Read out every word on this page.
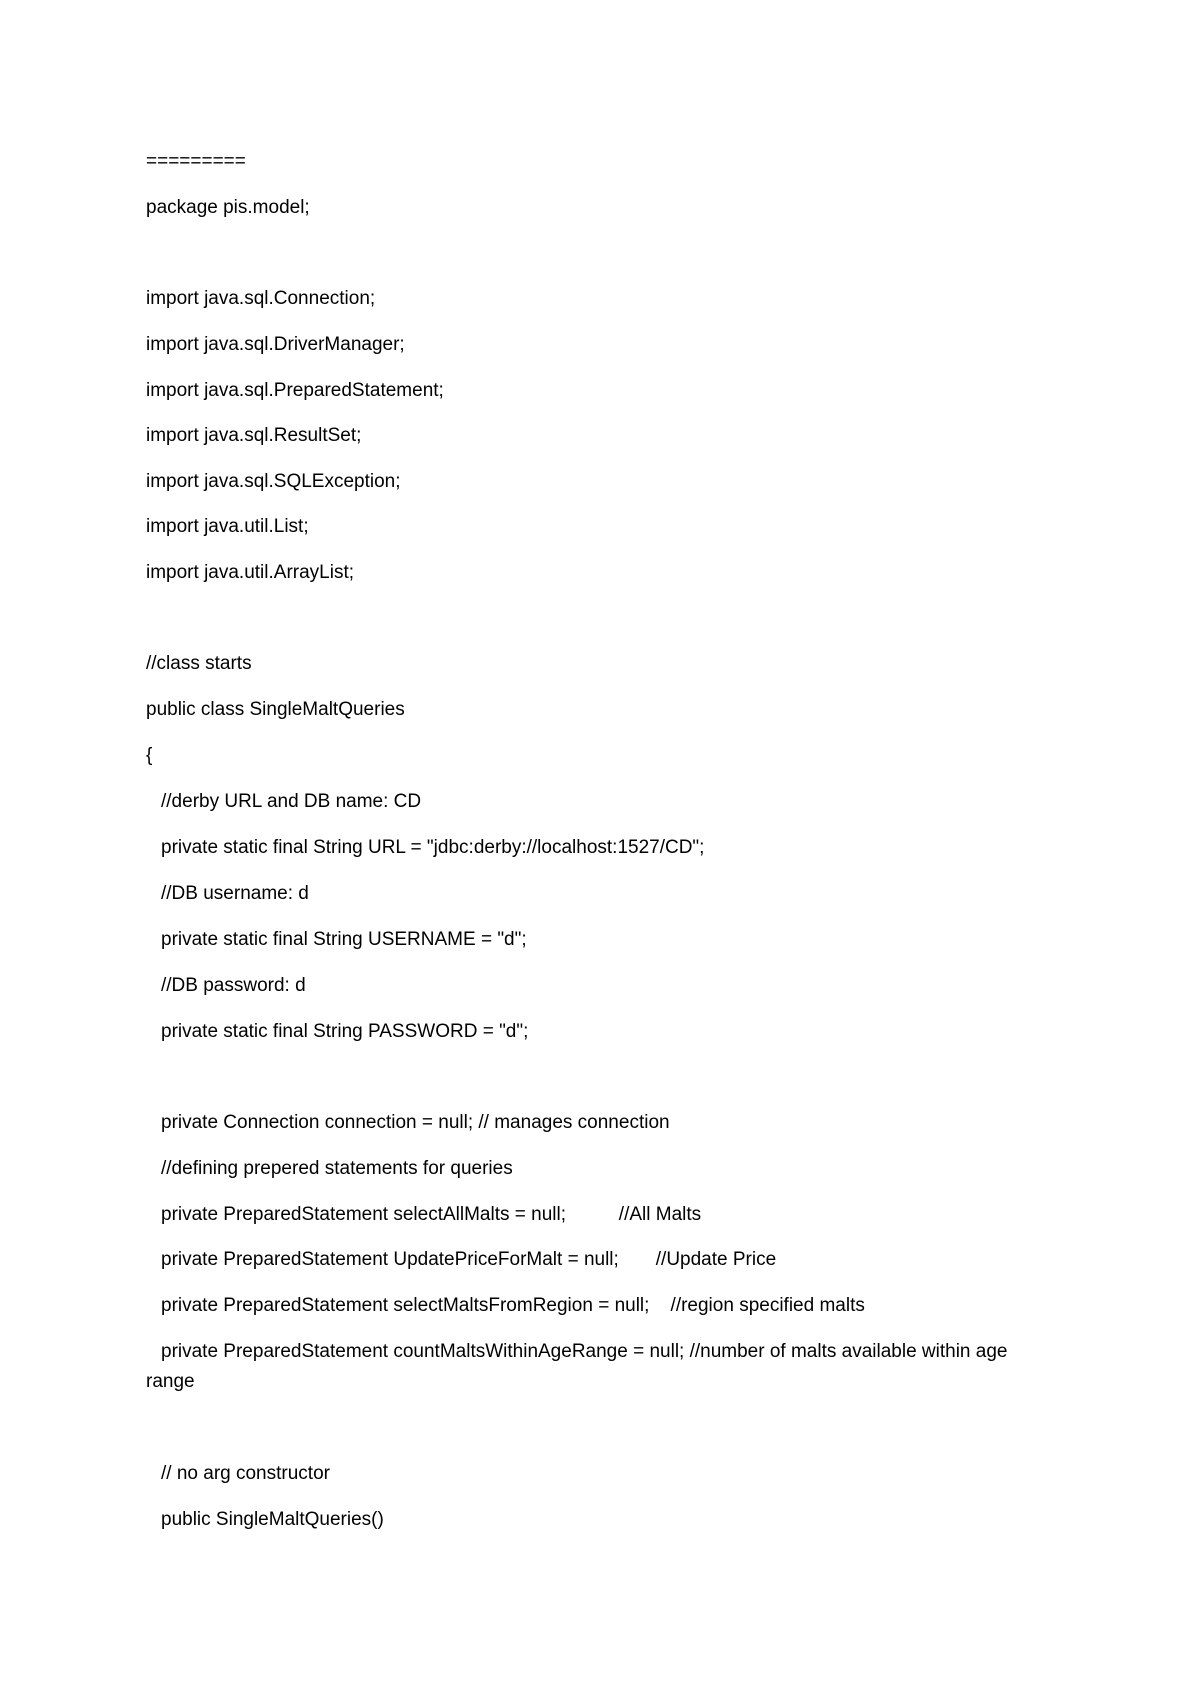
=========

package pis.model;

import java.sql.Connection;

import java.sql.DriverManager;

import java.sql.PreparedStatement;

import java.sql.ResultSet;

import java.sql.SQLException;

import java.util.List;

import java.util.ArrayList;

//class starts

public class SingleMaltQueries

{

//derby URL and DB name: CD

private static final String URL = "jdbc:derby://localhost:1527/CD";

//DB username: d

private static final String USERNAME = "d";

//DB password: d

private static final String PASSWORD = "d";

private Connection connection = null; // manages connection

//defining prepered statements for queries

private PreparedStatement selectAllMalts = null;          //All Malts

private PreparedStatement UpdatePriceForMalt = null;       //Update Price

private PreparedStatement selectMaltsFromRegion = null;    //region specified malts

private PreparedStatement countMaltsWithinAgeRange = null; //number of malts available within age range

// no arg constructor

public SingleMaltQueries()
